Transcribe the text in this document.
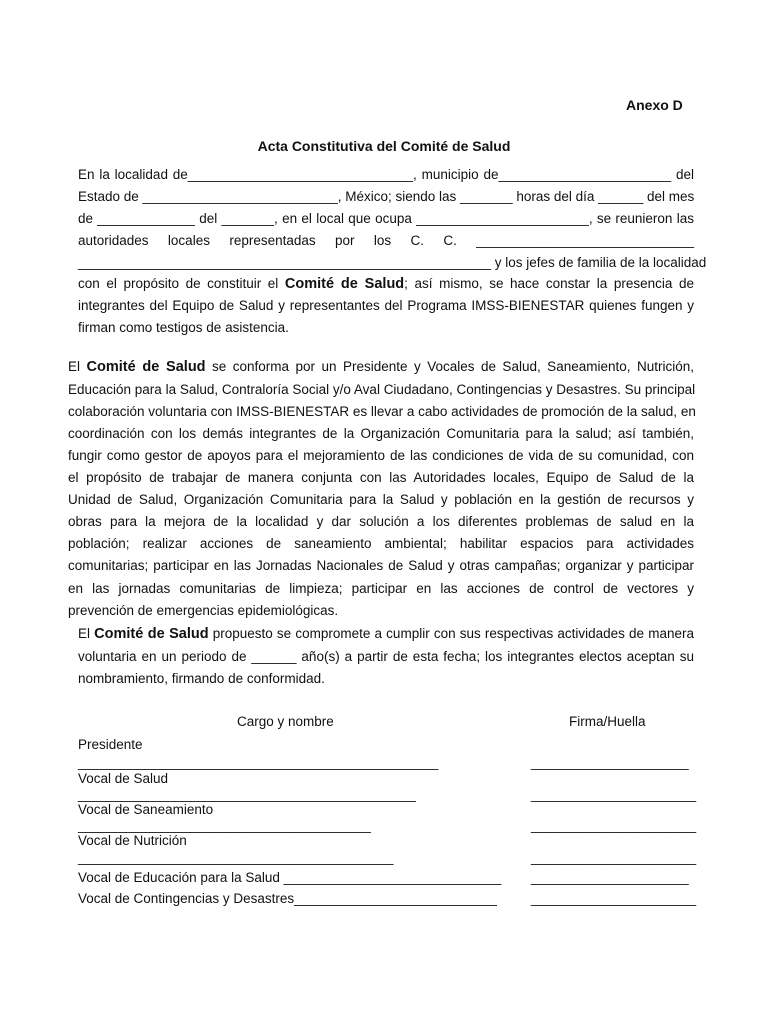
Anexo D
Acta Constitutiva del Comité de Salud
En la localidad de______________________________, municipio de_______________________ del
Estado de __________________________, México; siendo las _______ horas del día ______ del mes
de _____________ del _______, en el local que ocupa _______________________, se reunieron las
autoridades locales representadas por los C. C. _____________________________
_______________________________________________________ y los jefes de familia de la localidad
con el propósito de constituir el Comité de Salud; así mismo, se hace constar la presencia de
integrantes del Equipo de Salud y representantes del Programa IMSS-BIENESTAR quienes fungen y
firman como testigos de asistencia.
El Comité de Salud se conforma por un Presidente y Vocales de Salud, Saneamiento, Nutrición,
Educación para la Salud, Contraloría Social y/o Aval Ciudadano, Contingencias y Desastres. Su principal
colaboración voluntaria con IMSS-BIENESTAR es llevar a cabo actividades de promoción de la salud, en
coordinación con los demás integrantes de la Organización Comunitaria para la salud; así también,
fungir como gestor de apoyos para el mejoramiento de las condiciones de vida de su comunidad, con
el propósito de trabajar de manera conjunta con las Autoridades locales, Equipo de Salud de la
Unidad de Salud, Organización Comunitaria para la Salud y población en la gestión de recursos y
obras para la mejora de la localidad y dar solución a los diferentes problemas de salud en la
población; realizar acciones de saneamiento ambiental; habilitar espacios para actividades
comunitarias; participar en las Jornadas Nacionales de Salud y otras campañas; organizar y participar
en las jornadas comunitarias de limpieza; participar en las acciones de control de vectores y
prevención de emergencias epidemiológicas.
El Comité de Salud propuesto se compromete a cumplir con sus respectivas actividades de manera
voluntaria en un periodo de ______ año(s) a partir de esta fecha; los integrantes electos aceptan su
nombramiento, firmando de conformidad.
Cargo y nombre	Firma/Huella
Presidente
________________________________________________	_____________________
Vocal de Salud
_____________________________________________	______________________
Vocal de Saneamiento
_______________________________________	______________________
Vocal de Nutrición
__________________________________________	______________________
Vocal de Educación para la Salud _____________________________ _____________________
Vocal de Contingencias y Desastres___________________________	______________________
